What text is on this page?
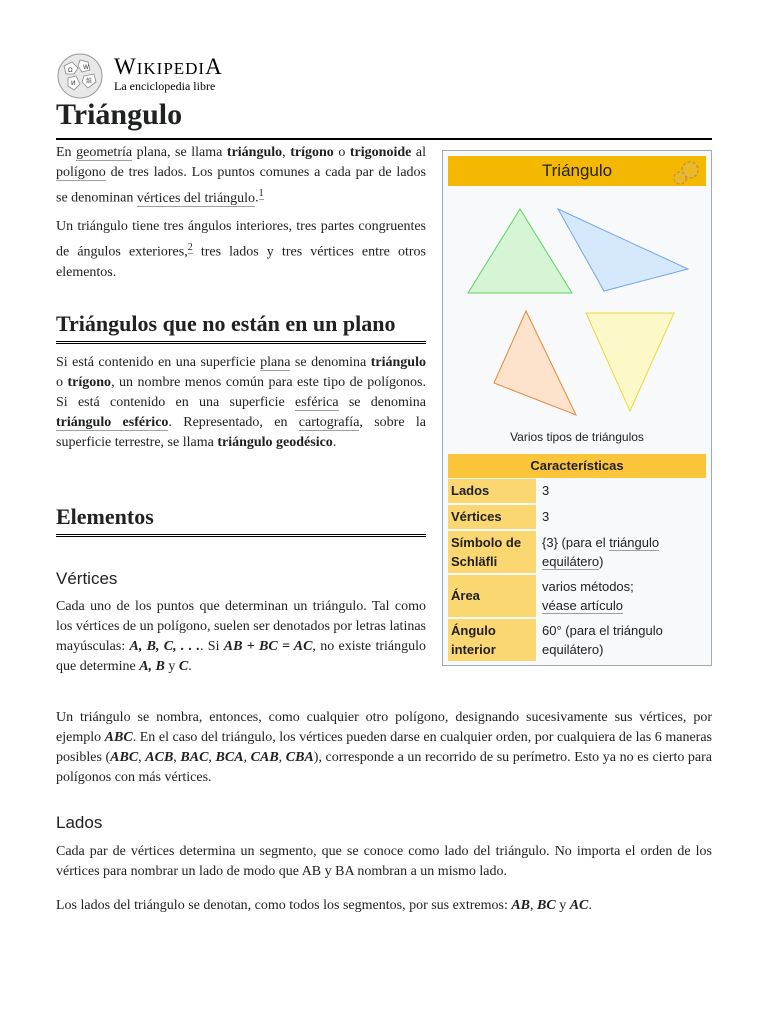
Ω W
И 維
WIKIPEDIA
La enciclopedia libre
Triángulo

En geometría plana, se llama triángulo, trígono o trigonoide al polígono de tres lados. Los puntos comunes a cada par de lados se denominan vértices del triángulo.$^1$

Un triángulo tiene tres ángulos interiores, tres partes congruentes de ángulos exteriores,$^2$ tres lados y tres vértices entre otros elementos.

Triángulos que no están en un plano

Si está contenido en una superficie plana se denomina triángulo o trígono, un nombre menos común para este tipo de polígonos. Si está contenido en una superficie esférica se denomina triángulo esférico. Representado, en cartografía, sobre la superficie terrestre, se llama triángulo geodésico.

Elementos
Vértices

Cada uno de los puntos que determinan un triángulo. Tal como los vértices de un polígono, suelen ser denotados por letras latinas mayúsculas: A, B, C, . . .. Si AB + BC = AC, no existe triángulo que determine A, B y C.

Un triángulo se nombra, entonces, como cualquier otro polígono, designando sucesivamente sus vértices, por ejemplo ABC. En el caso del triángulo, los vértices pueden darse en cualquier orden, por cualquiera de las 6 maneras posibles (ABC, ACB, BAC, BCA, CAB, CBA), corresponde a un recorrido de su perímetro. Esto ya no es cierto para polígonos con más vértices.

Lados

Cada par de vértices determina un segmento, que se conoce como lado del triángulo. No importa el orden de los vértices para nombrar un lado de modo que AB y BA nombran a un mismo lado.

Los lados del triángulo se denotan, como todos los segmentos, por sus extremos: AB, BC y AC.

Triángulo
Varios tipos de triángulos
Características
Lados	3
Vértices	3
Símbolo de Schläfli
{3} (para el triángulo equilátero)
Área
varios métodos;
véase artículo
Ángulo interior
60° (para el triángulo equilátero)
